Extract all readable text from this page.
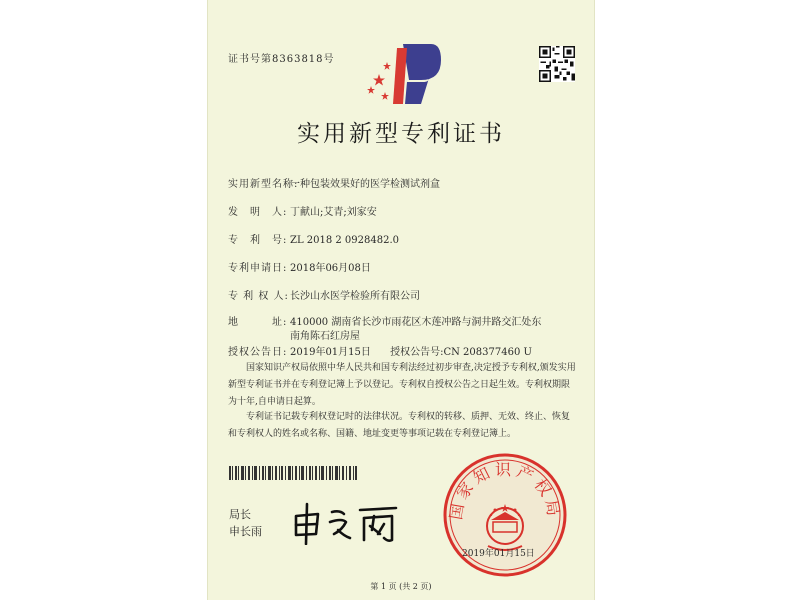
证书号第8363818号
实用新型专利证书
实用新型名称:一种包装效果好的医学检测试剂盒
发　明　人: 丁献山;艾青;刘家安
专　利　号: ZL 2018 2 0928482.0
专利申请日: 2018年06月08日
专 利 权 人:长沙山水医学检验所有限公司
地　　　址: 410000 湖南省长沙市雨花区木莲冲路与洞井路交汇处东
南角陈石红房屋
授权公告日: 2019年01月15日 授权公告号:CN 208377460 U
国家知识产权局依照中华人民共和国专利法经过初步审查,决定授予专利权,颁发实用新型专利证书并在专利登记簿上予以登记。专利权自授权公告之日起生效。专利权期限为十年,自申请日起算。
专利证书记载专利权登记时的法律状况。专利权的转移、质押、无效、终止、恢复和专利权人的姓名或名称、国籍、地址变更等事项记载在专利登记簿上。
局长
申长雨
国家知识产权局
2019年01月15日
第 1 页 (共 2 页)
